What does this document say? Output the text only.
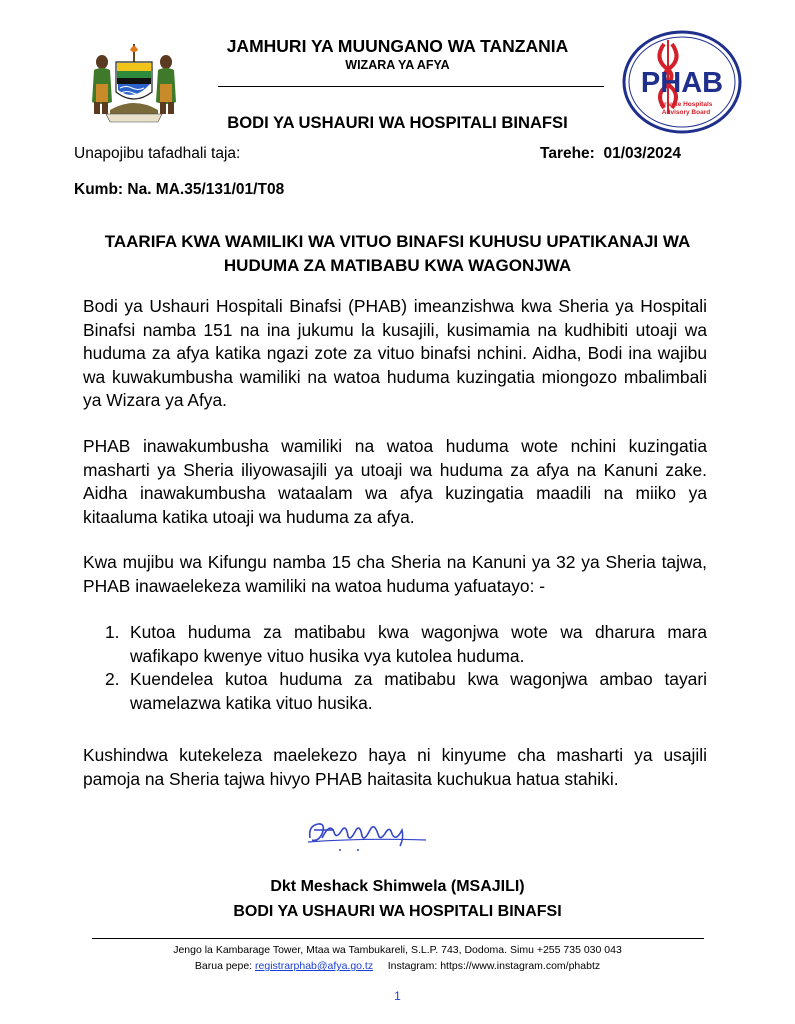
JAMHURI YA MUUNGANO WA TANZANIA
WIZARA YA AFYA
BODI YA USHAURI WA HOSPITALI BINAFSI
PHAB
Private Hospitals
Advisory Board
Unapojibu tafadhali taja:	Tarehe: 01/03/2024
Kumb: Na. MA.35/131/01/T08
TAARIFA KWA WAMILIKI WA VITUO BINAFSI KUHUSU UPATIKANAJI WA
HUDUMA ZA MATIBABU KWA WAGONJWA
Bodi ya Ushauri Hospitali Binafsi (PHAB) imeanzishwa kwa Sheria ya Hospitali Binafsi namba 151 na ina jukumu la kusajili, kusimamia na kudhibiti utoaji wa huduma za afya katika ngazi zote za vituo binafsi nchini. Aidha, Bodi ina wajibu wa kuwakumbusha wamiliki na watoa huduma kuzingatia miongozo mbalimbali ya Wizara ya Afya.
PHAB inawakumbusha wamiliki na watoa huduma wote nchini kuzingatia masharti ya Sheria iliyowasajili ya utoaji wa huduma za afya na Kanuni zake. Aidha inawakumbusha wataalam wa afya kuzingatia maadili na miiko ya kitaaluma katika utoaji wa huduma za afya.
Kwa mujibu wa Kifungu namba 15 cha Sheria na Kanuni ya 32 ya Sheria tajwa, PHAB inawaelekeza wamiliki na watoa huduma yafuatayo: -
1. Kutoa huduma za matibabu kwa wagonjwa wote wa dharura mara wafikapo kwenye vituo husika vya kutolea huduma.
2. Kuendelea kutoa huduma za matibabu kwa wagonjwa ambao tayari wamelazwa katika vituo husika.
Kushindwa kutekeleza maelekezo haya ni kinyume cha masharti ya usajili pamoja na Sheria tajwa hivyo PHAB haitasita kuchukua hatua stahiki.
Dkt Meshack Shimwela (MSAJILI)
BODI YA USHAURI WA HOSPITALI BINAFSI
Jengo la Kambarage Tower, Mtaa wa Tambukareli, S.L.P. 743, Dodoma. Simu +255 735 030 043
Barua pepe: registrarphab@afya.go.tz Instagram: https://www.instagram.com/phabtz
1
